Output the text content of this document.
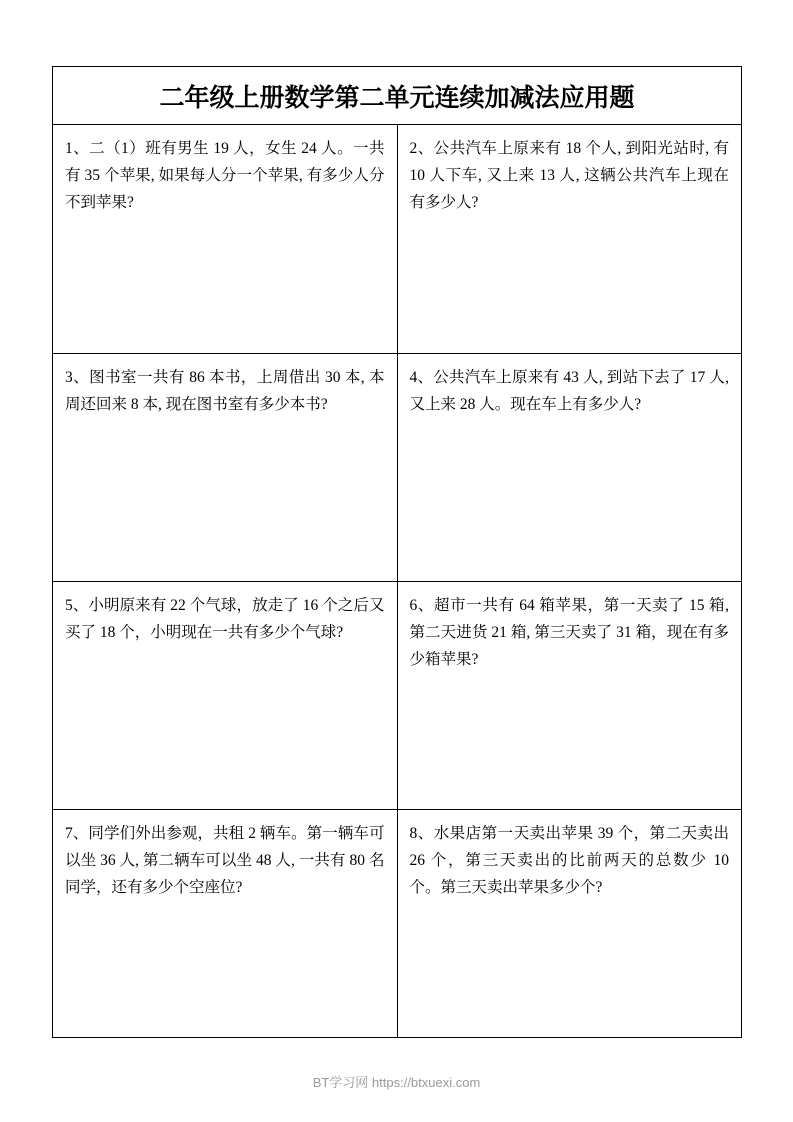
二年级上册数学第二单元连续加减法应用题
1、二（1）班有男生 19 人，女生 24 人。一共有 35 个苹果, 如果每人分一个苹果, 有多少人分不到苹果?	2、公共汽车上原来有 18 个人, 到阳光站时, 有 10 人下车, 又上来 13 人, 这辆公共汽车上现在有多少人?

3、图书室一共有 86 本书，上周借出 30 本, 本周还回来 8 本, 现在图书室有多少本书?	4、公共汽车上原来有 43 人, 到站下去了 17 人, 又上来 28 人。现在车上有多少人?

5、小明原来有 22 个气球，放走了 16 个之后又买了 18 个，小明现在一共有多少个气球?	6、超市一共有 64 箱苹果，第一天卖了 15 箱, 第二天进货 21 箱, 第三天卖了 31 箱，现在有多少箱苹果?

7、同学们外出参观，共租 2 辆车。第一辆车可以坐 36 人, 第二辆车可以坐 48 人, 一共有 80 名同学，还有多少个空座位?	8、水果店第一天卖出苹果 39 个，第二天卖出 26 个，第三天卖出的比前两天的总数少 10 个。第三天卖出苹果多少个?
BT学习网 https://btxuexi.com
